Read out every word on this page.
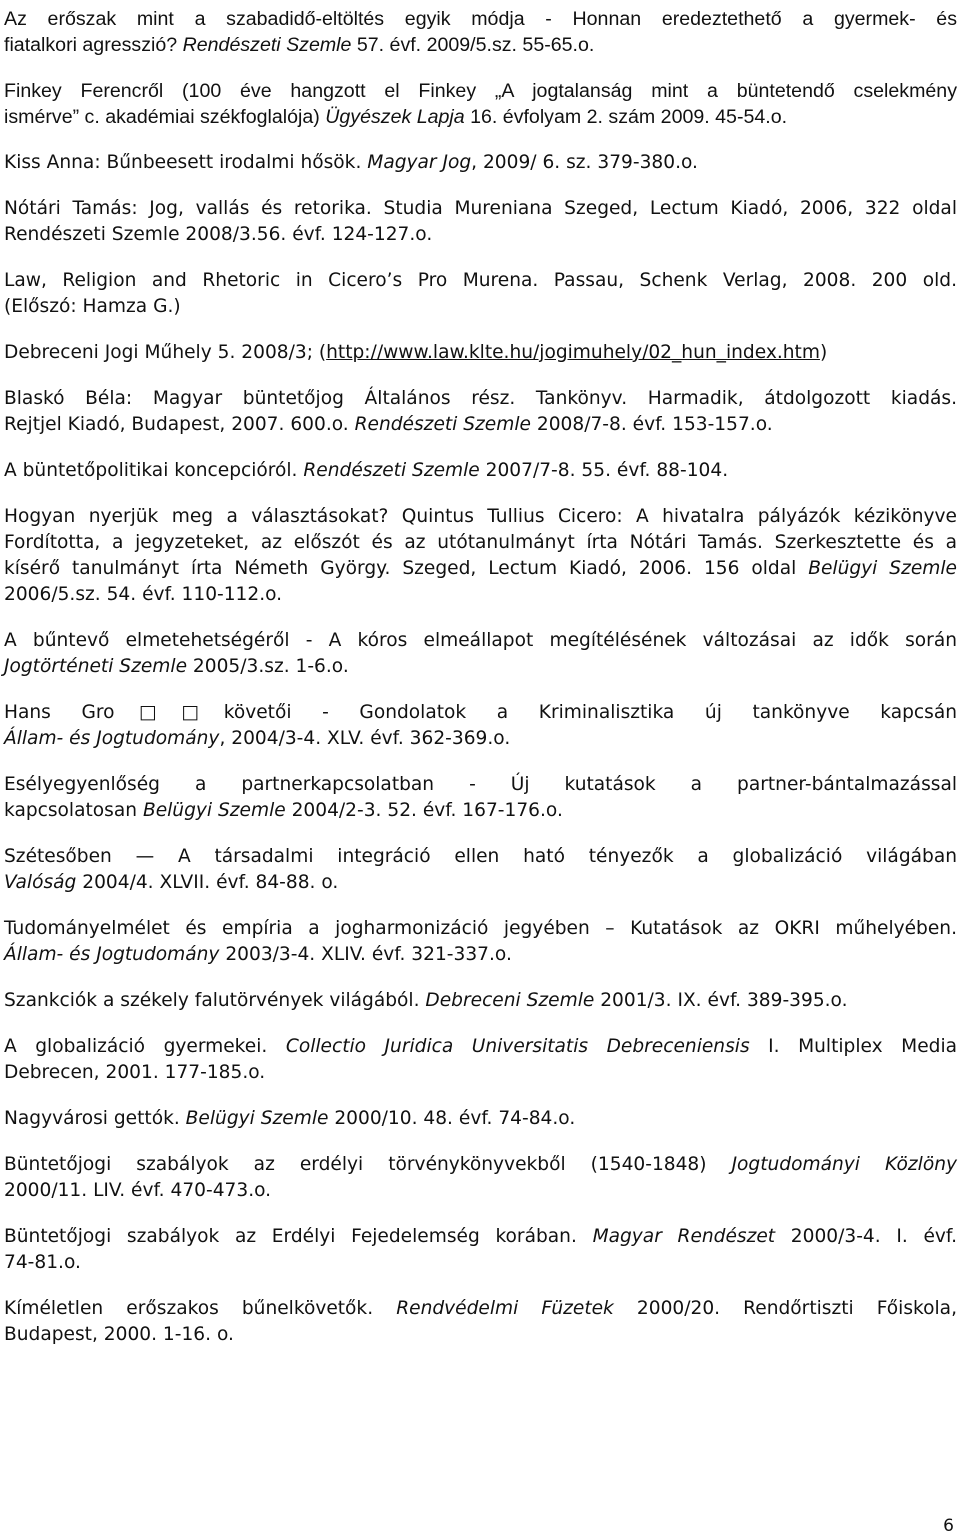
Az erőszak mint a szabadidő-eltöltés egyik módja - Honnan eredeztethető a gyermek- és
fiatalkori agresszió? Rendészeti Szemle 57. évf. 2009/5.sz. 55-65.o.
Finkey Ferencről (100 éve hangzott el Finkey „A jogtalanság mint a büntetendő cselekmény
ismérve” c. akadémiai székfoglalója) Ügyészek Lapja 16. évfolyam 2. szám 2009. 45-54.o.
Kiss Anna: Bűnbeesett irodalmi hősök. Magyar Jog, 2009/ 6. sz. 379-380.o.
Nótári Tamás: Jog, vallás és retorika. Studia Mureniana Szeged, Lectum Kiadó, 2006, 322 oldal
Rendészeti Szemle 2008/3.56. évf. 124-127.o.
Law, Religion and Rhetoric in Cicero’s Pro Murena. Passau, Schenk Verlag, 2008. 200 old.
(Előszó: Hamza G.)
Debreceni Jogi Műhely 5. 2008/3; (http://www.law.klte.hu/jogimuhely/02_hun_index.htm)
Blaskó Béla: Magyar büntetőjog Általános rész. Tankönyv. Harmadik, átdolgozott kiadás.
Rejtjel Kiadó, Budapest, 2007. 600.o. Rendészeti Szemle 2008/7-8. évf. 153-157.o.
A büntetőpolitikai koncepcióról. Rendészeti Szemle 2007/7-8. 55. évf. 88-104.
Hogyan nyerjük meg a választásokat? Quintus Tullius Cicero: A hivatalra pályázók kézikönyve
Fordította, a jegyzeteket, az előszót és az utótanulmányt írta Nótári Tamás. Szerkesztette és a
kísérő tanulmányt írta Németh György. Szeged, Lectum Kiadó, 2006. 156 oldal Belügyi Szemle
2006/5.sz. 54. évf. 110-112.o.
A bűntevő elmetehetségéről - A kóros elmeállapot megítélésének változásai az idők során
Jogtörténeti Szemle 2005/3.sz. 1-6.o.
Hans Gro□□követői - Gondolatok a Kriminalisztika új tankönyve kapcsán
Állam- és Jogtudomány, 2004/3-4. XLV. évf. 362-369.o.
Esélyegyenlőség a partnerkapcsolatban - Új kutatások a partner-bántalmazással
kapcsolatosan Belügyi Szemle 2004/2-3. 52. évf. 167-176.o.
Szétesőben — A társadalmi integráció ellen ható tényezők a globalizáció világában
Valóság 2004/4. XLVII. évf. 84-88. o.
Tudományelmélet és empíria a jogharmonizáció jegyében – Kutatások az OKRI műhelyében.
Állam- és Jogtudomány 2003/3-4. XLIV. évf. 321-337.o.
Szankciók a székely falutörvények világából. Debreceni Szemle 2001/3. IX. évf. 389-395.o.
A globalizáció gyermekei. Collectio Juridica Universitatis Debreceniensis I. Multiplex Media
Debrecen, 2001. 177-185.o.
Nagyvárosi gettók. Belügyi Szemle 2000/10. 48. évf. 74-84.o.
Büntetőjogi szabályok az erdélyi törvénykönyvekből (1540-1848) Jogtudományi Közlöny
2000/11. LIV. évf. 470-473.o.
Büntetőjogi szabályok az Erdélyi Fejedelemség korában. Magyar Rendészet 2000/3-4. I. évf.
74-81.o.
Kíméletlen erőszakos bűnelkövetők. Rendvédelmi Füzetek 2000/20. Rendőrtiszti Főiskola,
Budapest, 2000. 1-16. o.
6
